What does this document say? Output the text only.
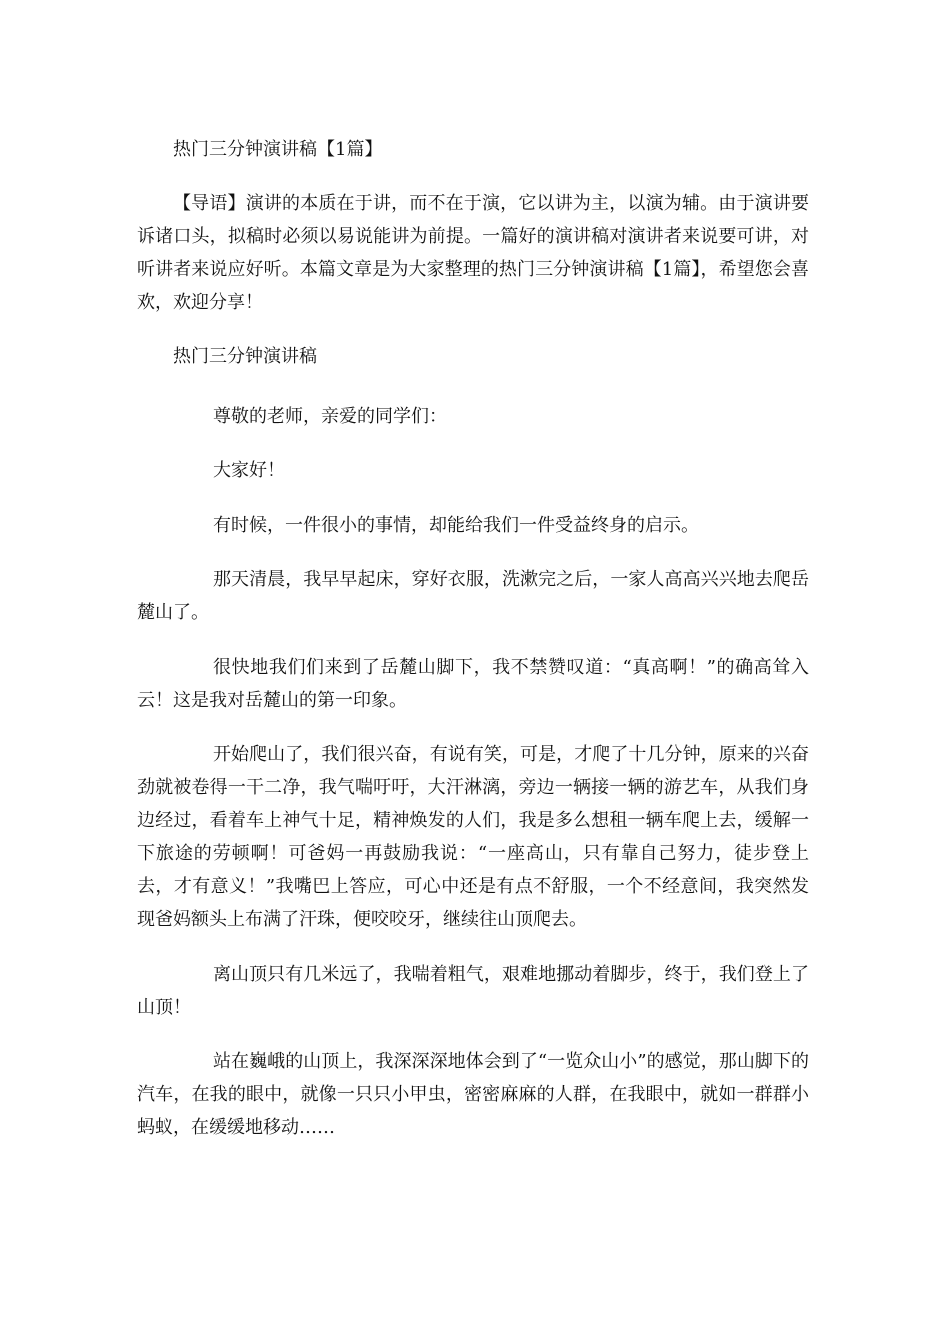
热门三分钟演讲稿【1篇】

【导语】演讲的本质在于讲，而不在于演，它以讲为主，以演为辅。由于演讲要诉诸口头，拟稿时必须以易说能讲为前提。一篇好的演讲稿对演讲者来说要可讲，对听讲者来说应好听。本篇文章是为大家整理的热门三分钟演讲稿【1篇】，希望您会喜欢，欢迎分享！

热门三分钟演讲稿

尊敬的老师，亲爱的同学们：

大家好！

有时候，一件很小的事情，却能给我们一件受益终身的启示。

那天清晨，我早早起床，穿好衣服，洗漱完之后，一家人高高兴兴地去爬岳麓山了。

很快地我们们来到了岳麓山脚下，我不禁赞叹道：“真高啊！”的确高耸入云！这是我对岳麓山的第一印象。

开始爬山了，我们很兴奋，有说有笑，可是，才爬了十几分钟，原来的兴奋劲就被卷得一干二净，我气喘吁吁，大汗淋漓，旁边一辆接一辆的游艺车，从我们身边经过，看着车上神气十足，精神焕发的人们，我是多么想租一辆车爬上去，缓解一下旅途的劳顿啊！可爸妈一再鼓励我说：“一座高山，只有靠自己努力，徒步登上去，才有意义！”我嘴巴上答应，可心中还是有点不舒服，一个不经意间，我突然发现爸妈额头上布满了汗珠，便咬咬牙，继续往山顶爬去。

离山顶只有几米远了，我喘着粗气，艰难地挪动着脚步，终于，我们登上了山顶！

站在巍峨的山顶上，我深深深地体会到了“一览众山小”的感觉，那山脚下的汽车，在我的眼中，就像一只只小甲虫，密密麻麻的人群，在我眼中，就如一群群小蚂蚁，在缓缓地移动……
